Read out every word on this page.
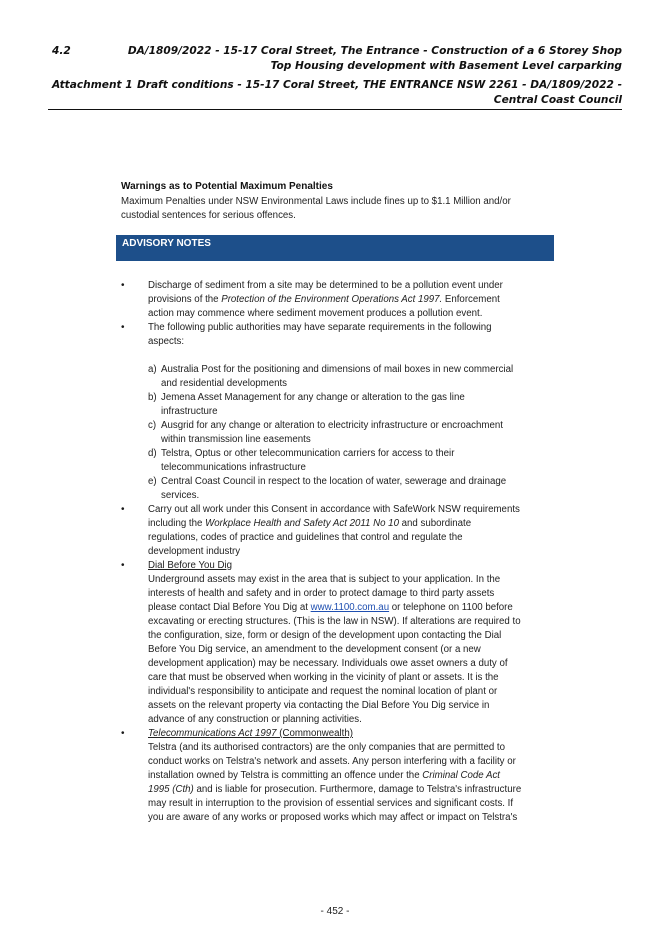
4.2	DA/1809/2022 - 15-17 Coral Street, The Entrance - Construction of a 6 Storey Shop
Top Housing development with Basement Level carparking
Attachment 1 Draft conditions - 15-17 Coral Street, THE ENTRANCE NSW 2261 - DA/1809/2022 -
Central Coast Council
Warnings as to Potential Maximum Penalties

Maximum Penalties under NSW Environmental Laws include fines up to $1.1 Million and/or

custodial sentences for serious offences.

ADVISORY NOTES
• Discharge of sediment from a site may be determined to be a pollution event under

provisions of the Protection of the Environment Operations Act 1997. Enforcement

action may commence where sediment movement produces a pollution event.

• The following public authorities may have separate requirements in the following

aspects:

a) Australia Post for the positioning and dimensions of mail boxes in new commercial

and residential developments

b) Jemena Asset Management for any change or alteration to the gas line

infrastructure

c) Ausgrid for any change or alteration to electricity infrastructure or encroachment

within transmission line easements

d) Telstra, Optus or other telecommunication carriers for access to their

telecommunications infrastructure

e) Central Coast Council in respect to the location of water, sewerage and drainage

services.

• Carry out all work under this Consent in accordance with SafeWork NSW requirements

including the Workplace Health and Safety Act 2011 No 10 and subordinate

regulations, codes of practice and guidelines that control and regulate the

development industry

• Dial Before You Dig

Underground assets may exist in the area that is subject to your application. In the

interests of health and safety and in order to protect damage to third party assets

please contact Dial Before You Dig at www.1100.com.au or telephone on 1100 before

excavating or erecting structures. (This is the law in NSW). If alterations are required to

the configuration, size, form or design of the development upon contacting the Dial

Before You Dig service, an amendment to the development consent (or a new

development application) may be necessary. Individuals owe asset owners a duty of

care that must be observed when working in the vicinity of plant or assets. It is the

individual's responsibility to anticipate and request the nominal location of plant or

assets on the relevant property via contacting the Dial Before You Dig service in

advance of any construction or planning activities.

• Telecommunications Act 1997 (Commonwealth)

Telstra (and its authorised contractors) are the only companies that are permitted to

conduct works on Telstra's network and assets. Any person interfering with a facility or

installation owned by Telstra is committing an offence under the Criminal Code Act

1995 (Cth) and is liable for prosecution. Furthermore, damage to Telstra's infrastructure

may result in interruption to the provision of essential services and significant costs. If

you are aware of any works or proposed works which may affect or impact on Telstra's

- 452 -
